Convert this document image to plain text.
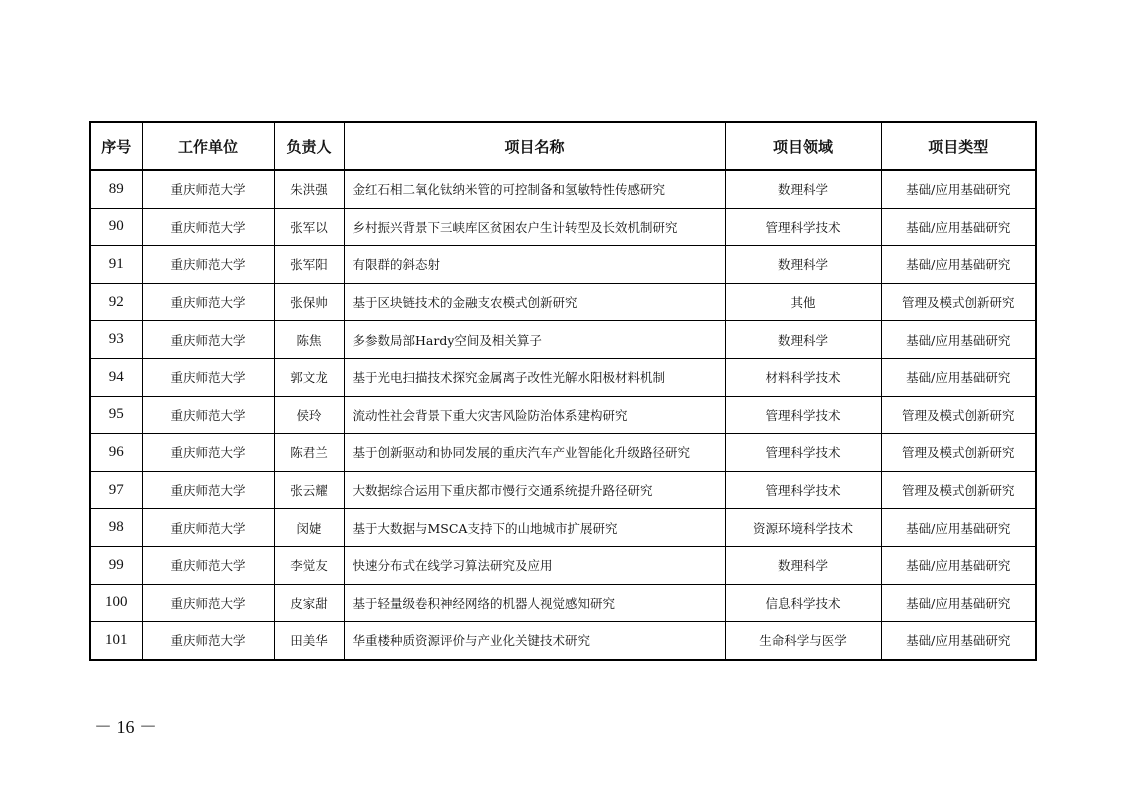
序号	工作单位	负责人	项目名称	项目领域	项目类型
89	重庆师范大学	朱洪强	金红石相二氧化钛纳米管的可控制备和氢敏特性传感研究	数理科学	基础/应用基础研究
90	重庆师范大学	张军以	乡村振兴背景下三峡库区贫困农户生计转型及长效机制研究	管理科学技术	基础/应用基础研究
91	重庆师范大学	张军阳	有限群的斜态射	数理科学	基础/应用基础研究
92	重庆师范大学	张保帅	基于区块链技术的金融支农模式创新研究	其他	管理及模式创新研究
93	重庆师范大学	陈焦	多参数局部Hardy空间及相关算子	数理科学	基础/应用基础研究
94	重庆师范大学	郭文龙	基于光电扫描技术探究金属离子改性光解水阳极材料机制	材料科学技术	基础/应用基础研究
95	重庆师范大学	侯玲	流动性社会背景下重大灾害风险防治体系建构研究	管理科学技术	管理及模式创新研究
96	重庆师范大学	陈君兰	基于创新驱动和协同发展的重庆汽车产业智能化升级路径研究	管理科学技术	管理及模式创新研究
97	重庆师范大学	张云耀	大数据综合运用下重庆都市慢行交通系统提升路径研究	管理科学技术	管理及模式创新研究
98	重庆师范大学	闵婕	基于大数据与MSCA支持下的山地城市扩展研究	资源环境科学技术	基础/应用基础研究
99	重庆师范大学	李觉友	快速分布式在线学习算法研究及应用	数理科学	基础/应用基础研究
100	重庆师范大学	皮家甜	基于轻量级卷积神经网络的机器人视觉感知研究	信息科学技术	基础/应用基础研究
101	重庆师范大学	田美华	华重楼种质资源评价与产业化关键技术研究	生命科学与医学	基础/应用基础研究
－ 16 －
